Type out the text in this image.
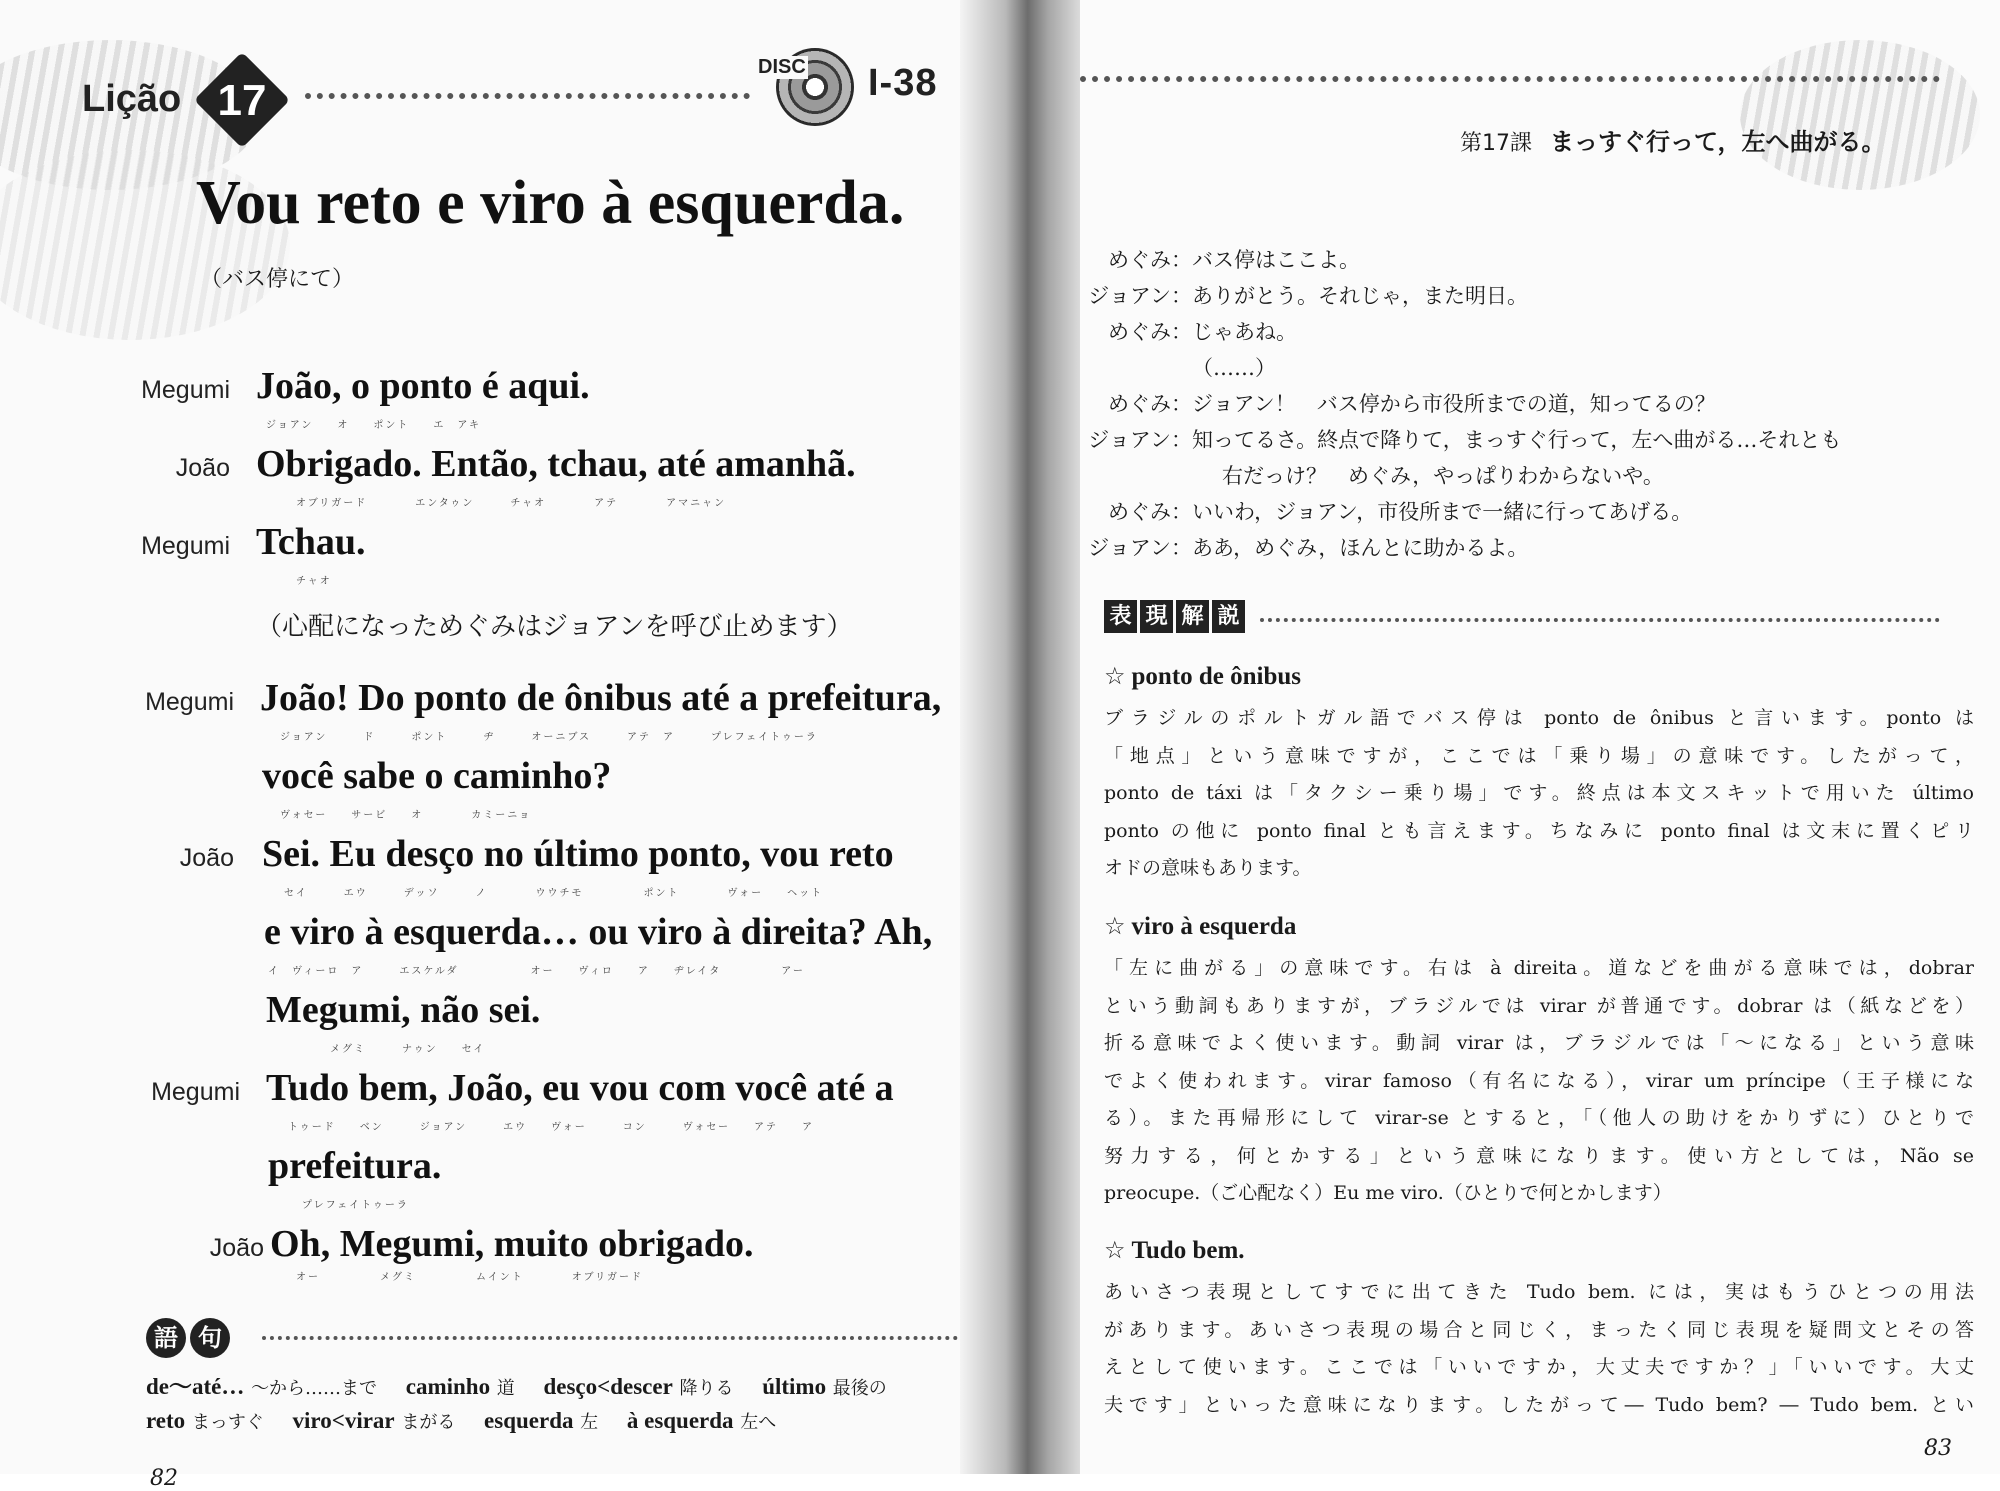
Lição 17
DISC I-38
Vou reto e viro à esquerda.
（バス停にて）
Megumi João, o ponto é aqui.
ジョアン　　オ　　ポント　　エ　アキ
João Obrigado. Então, tchau, até amanhã.
オブリガード　　　　エンタゥン　　　チャオ　　　　アテ　　　　アマニャン
Megumi Tchau.
チャオ
（心配になっためぐみはジョアンを呼び止めます）
Megumi João! Do ponto de ônibus até a prefeitura,
ジョアン　　　ド　　　ポント　　　ヂ　　　オーニブス　　　アテ　ア　　　プレフェイトゥーラ
você sabe o caminho?
ヴォセー　　サービ　　オ　　　　カミーニョ
João Sei. Eu desço no último ponto, vou reto
セイ　　　エウ　　　デッソ　　　ノ　　　　ウウチモ　　　　　ポント　　　　ヴォー　　ヘット
e viro à esquerda… ou viro à direita? Ah,
イ　ヴィーロ　ア　　　エスケルダ　　　　　　オー　　ヴィロ　　ア　　ヂレイタ　　　　　アー
Megumi, não sei.
メグミ　　　ナゥン　　セイ
Megumi Tudo bem, João, eu vou com você até a
トゥード　　ベン　　　ジョアン　　　エウ　　ヴォー　　　コン　　　ヴォセー　　アテ　　ア
prefeitura.
プレフェイトゥーラ
João Oh, Megumi, muito obrigado.
オー　　　　　メグミ　　　　　ムイント　　　　オブリガード
語 句
de～até… ～から……まで caminho 道 desço<descer 降りる último 最後の
reto まっすぐ viro<virar まがる esquerda 左 à esquerda 左へ
82
第17課 まっすぐ行って，左へ曲がる。
めぐみ： バス停はここよ。
ジョアン： ありがとう。それじゃ，また明日。
めぐみ： じゃあね。
（……）
めぐみ： ジョアン！　バス停から市役所までの道，知ってるの？
ジョアン： 知ってるさ。終点で降りて，まっすぐ行って，左へ曲がる…それとも
右だっけ？　めぐみ，やっぱりわからないや。
めぐみ： いいわ，ジョアン，市役所まで一緒に行ってあげる。
ジョアン： ああ，めぐみ，ほんとに助かるよ。
表 現 解 説
☆ ponto de ônibus
ブラジルのポルトガル語でバス停は ponto de ônibus と言います。ponto は
「地点」という意味ですが，ここでは「乗り場」の意味です。したがって，
ponto de táxi は「タクシー乗り場」です。終点は本文スキットで用いた último
ponto の他に ponto final とも言えます。ちなみに ponto final は文末に置くピリ
オドの意味もあります。
☆ viro à esquerda
「左に曲がる」の意味です。右は à direita。道などを曲がる意味では，dobrar
という動詞もありますが，ブラジルでは virar が普通です。dobrar は（紙などを）
折る意味でよく使います。動詞 virar は，ブラジルでは「～になる」という意味
でよく使われます。virar famoso（有名になる），virar um príncipe（王子様にな
る）。また再帰形にして virar-se とすると，「（他人の助けをかりずに）ひとりで
努力する，何とかする」という意味になります。使い方としては，Não se
preocupe.（ご心配なく）Eu me viro.（ひとりで何とかします）
☆ Tudo bem.
あいさつ表現としてすでに出てきた Tudo bem. には，実はもうひとつの用法
があります。あいさつ表現の場合と同じく，まったく同じ表現を疑問文とその答
えとして使います。ここでは「いいですか，大丈夫ですか？」「いいです。大丈
夫です」といった意味になります。したがって― Tudo bem? ― Tudo bem. とい
83
